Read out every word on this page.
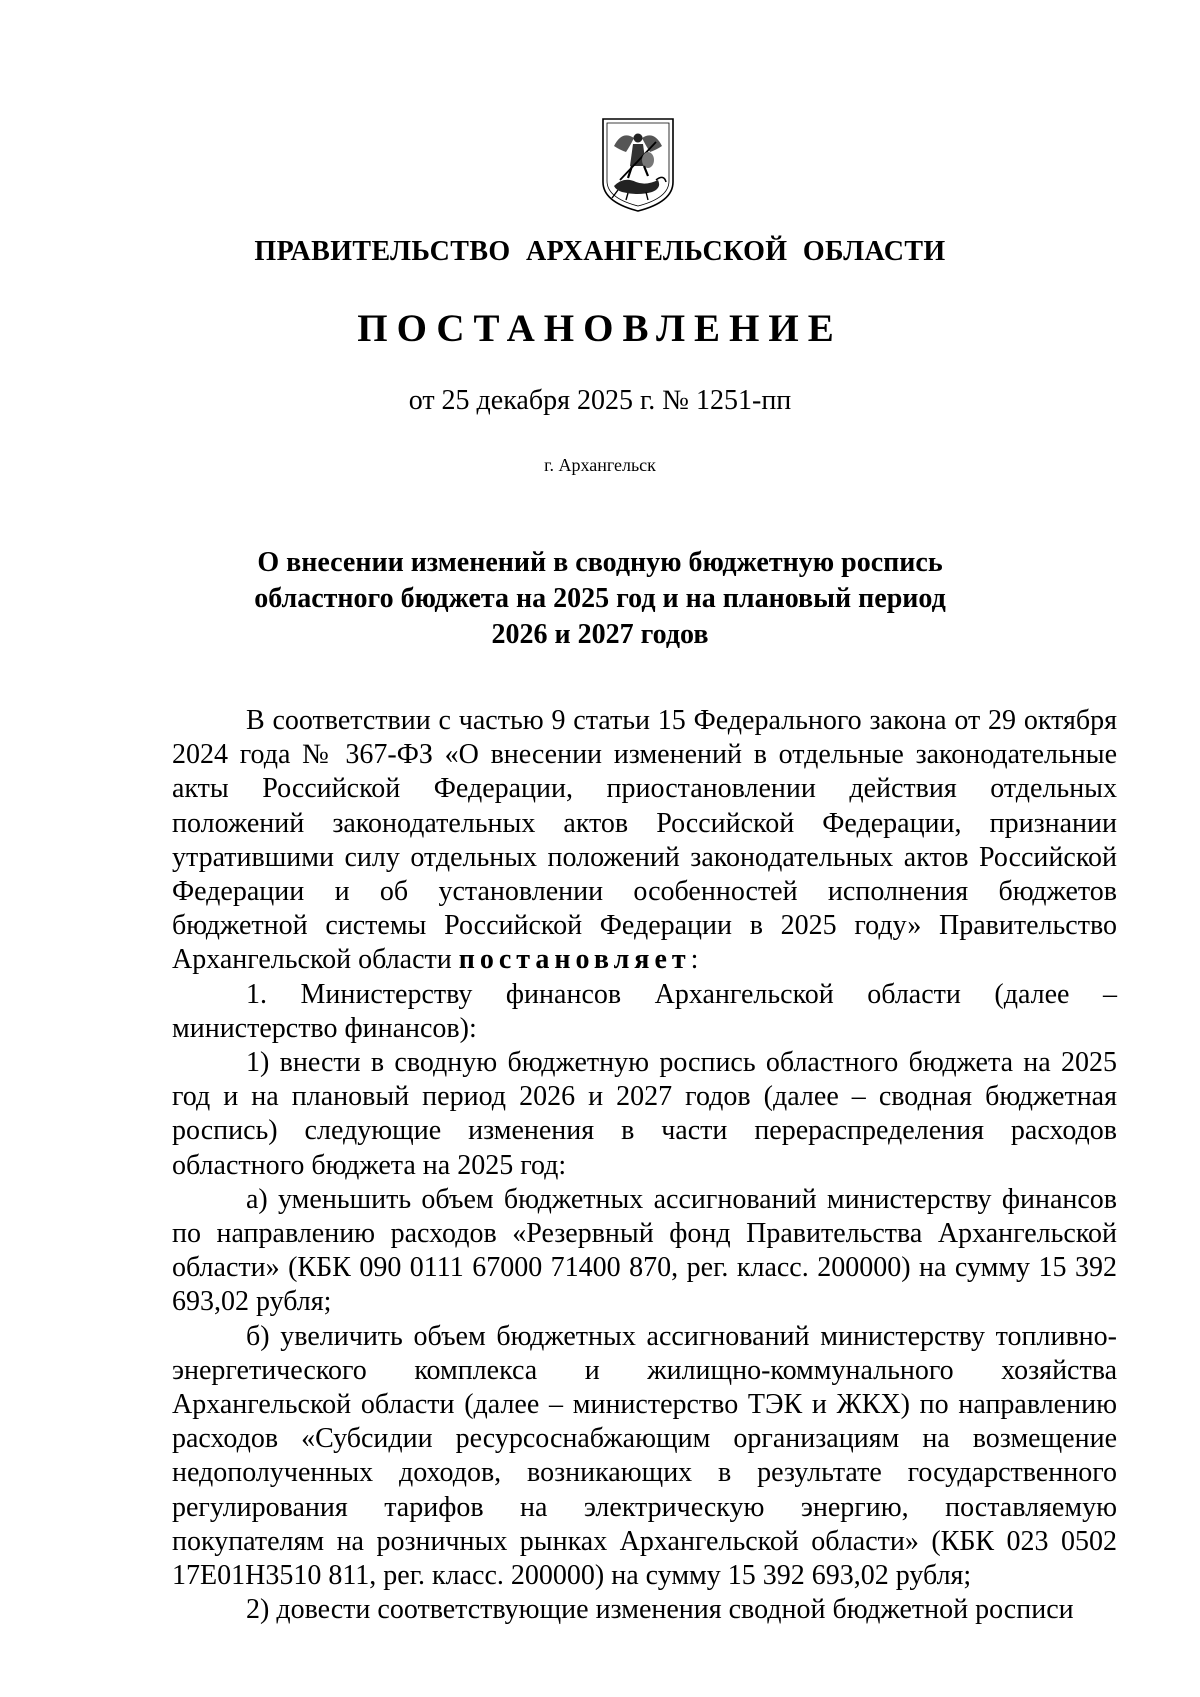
ПРАВИТЕЛЬСТВО АРХАНГЕЛЬСКОЙ ОБЛАСТИ
ПОСТАНОВЛЕНИЕ
от 25 декабря 2025 г. № 1251-пп
г. Архангельск
О внесении изменений в сводную бюджетную роспись
областного бюджета на 2025 год и на плановый период
2026 и 2027 годов

В соответствии с частью 9 статьи 15 Федерального закона от 29 октября 2024 года № 367-ФЗ «О внесении изменений в отдельные законодательные акты Российской Федерации, приостановлении действия отдельных положений законодательных актов Российской Федерации, признании утратившими силу отдельных положений законодательных актов Российской Федерации и об установлении особенностей исполнения бюджетов бюджетной системы Российской Федерации в 2025 году» Правительство Архангельской области постановляет:

1. Министерству финансов Архангельской области (далее – министерство финансов):

1) внести в сводную бюджетную роспись областного бюджета на 2025 год и на плановый период 2026 и 2027 годов (далее – сводная бюджетная роспись) следующие изменения в части перераспределения расходов областного бюджета на 2025 год:

а) уменьшить объем бюджетных ассигнований министерству финансов по направлению расходов «Резервный фонд Правительства Архангельской области» (КБК 090 0111 67000 71400 870, рег. класс. 200000) на сумму 15 392 693,02 рубля;

б) увеличить объем бюджетных ассигнований министерству топливно-энергетического комплекса и жилищно-коммунального хозяйства Архангельской области (далее – министерство ТЭК и ЖКХ) по направлению расходов «Субсидии ресурсоснабжающим организациям на возмещение недополученных доходов, возникающих в результате государственного регулирования тарифов на электрическую энергию, поставляемую покупателям на розничных рынках Архангельской области» (КБК 023 0502 17Е01Н3510 811, рег. класс. 200000) на сумму 15 392 693,02 рубля;

2) довести соответствующие изменения сводной бюджетной росписи
